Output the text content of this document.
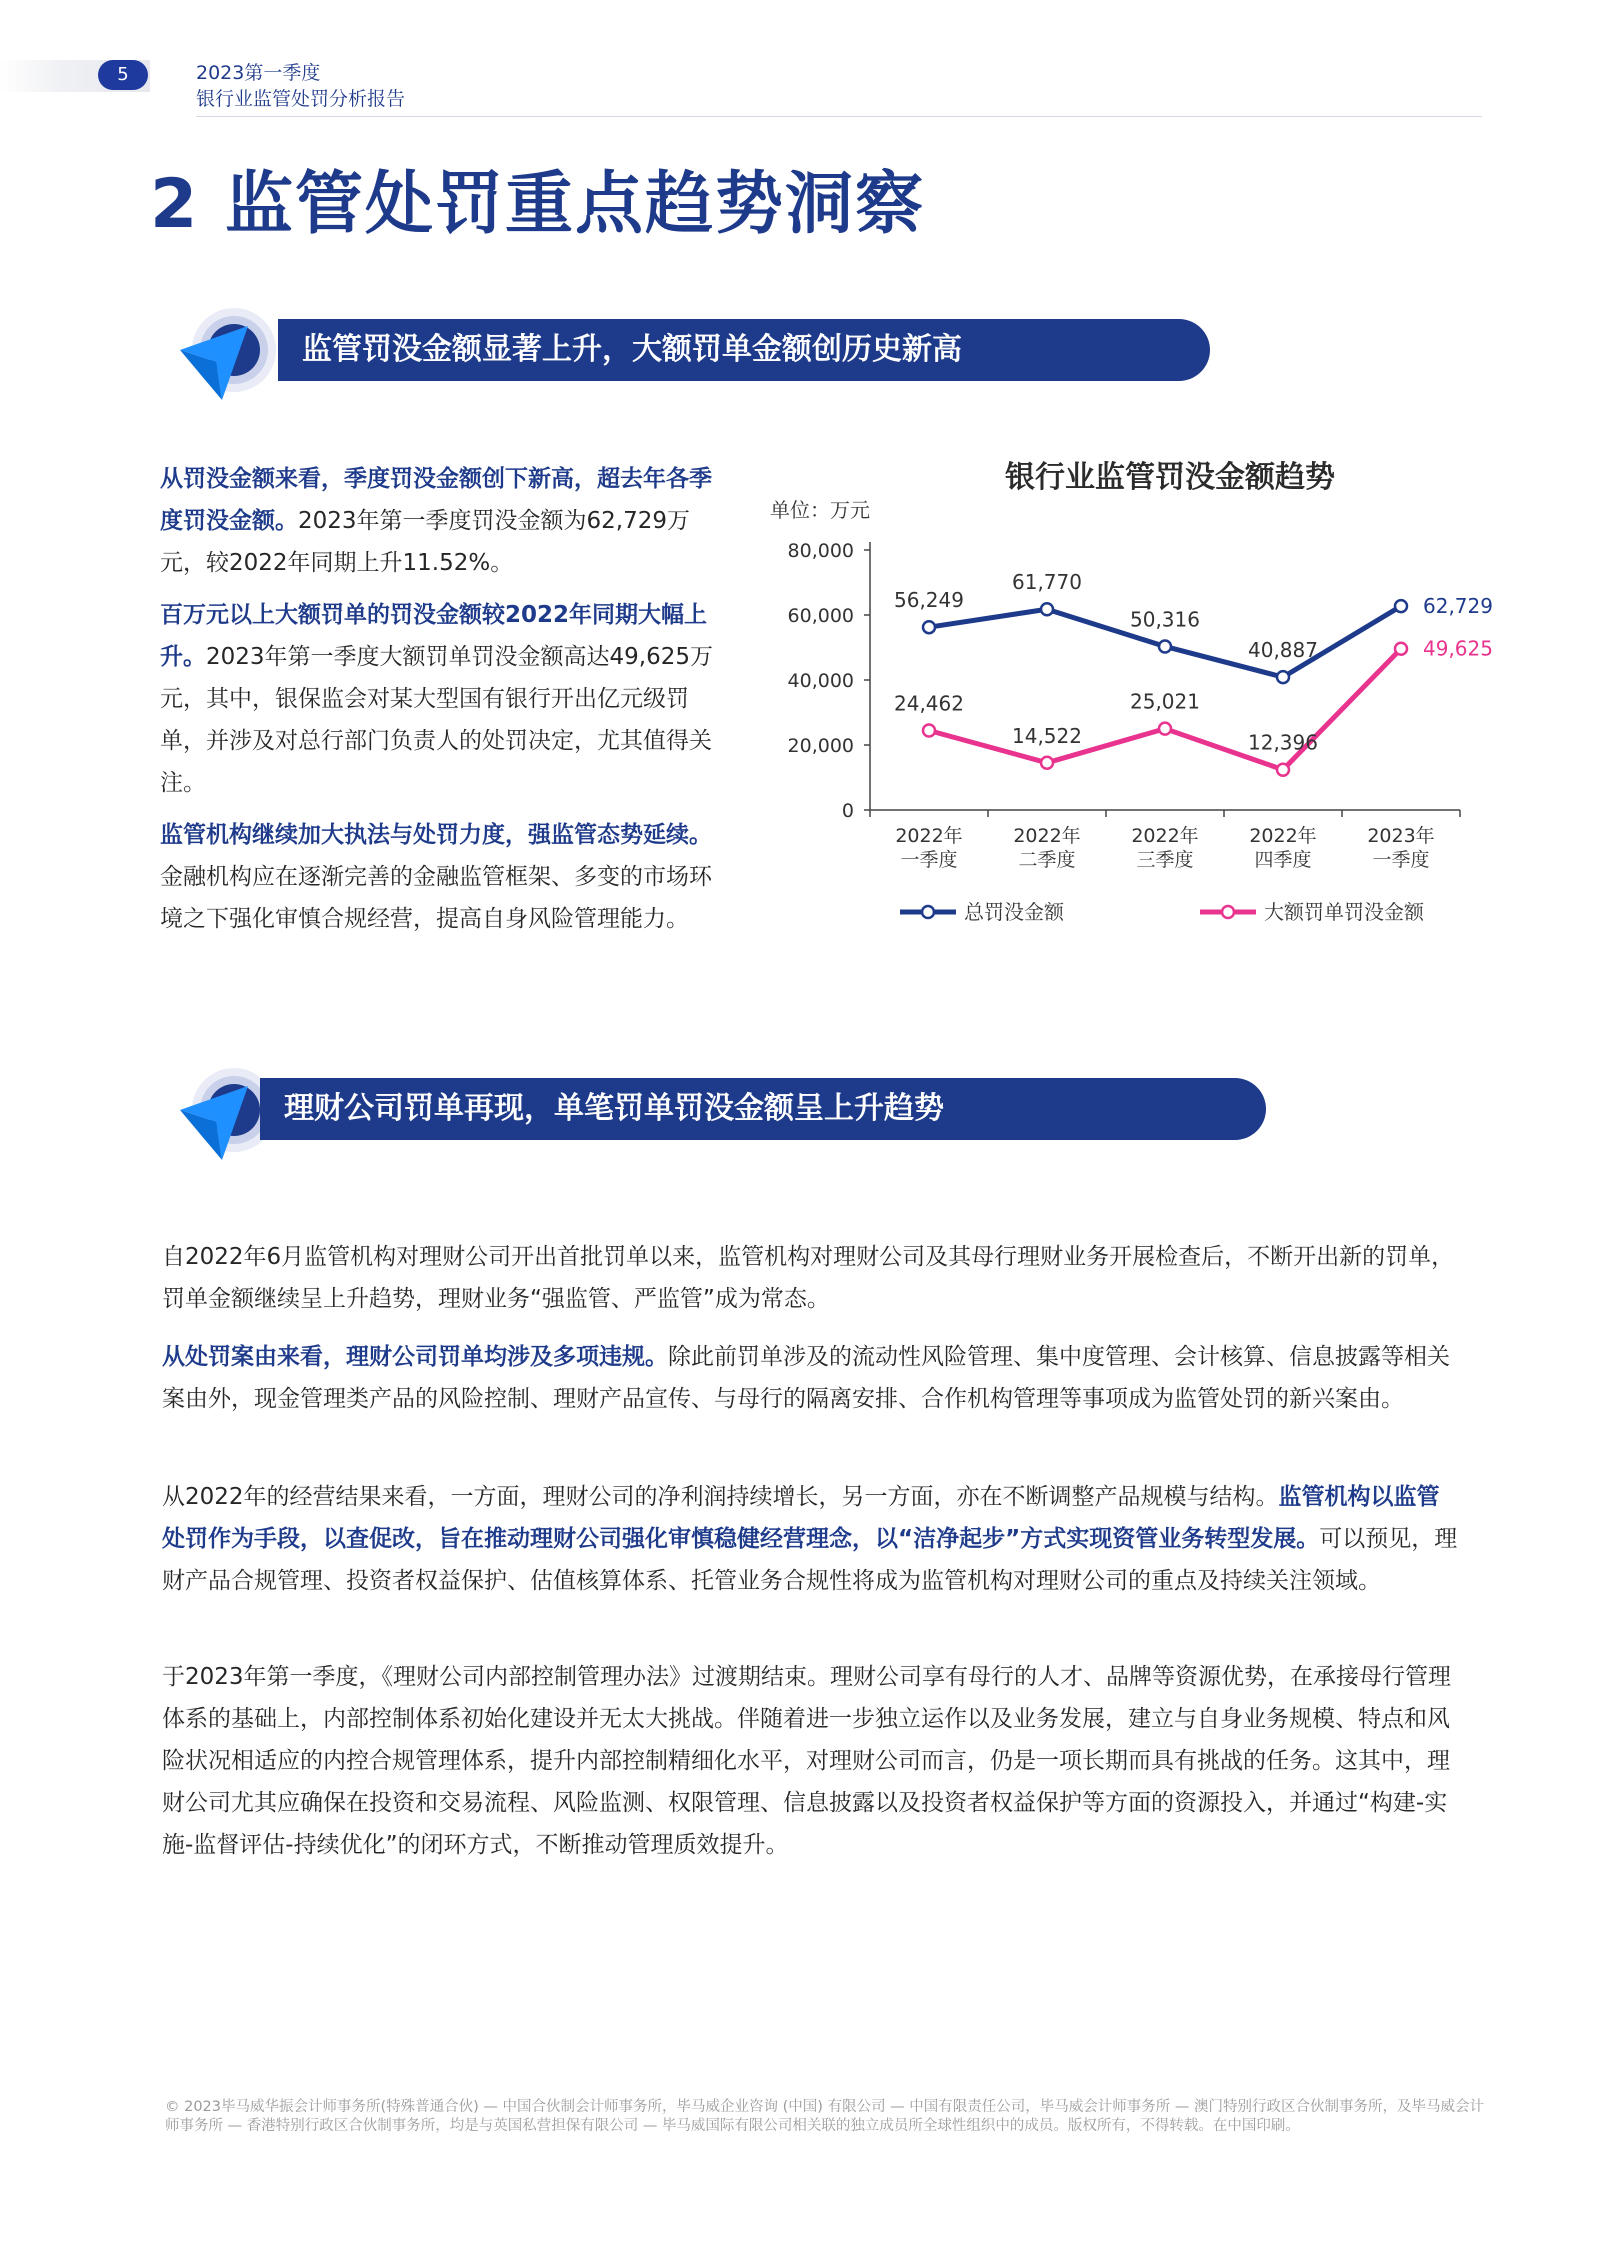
5	2023第一季度
银行业监管处罚分析报告
2 监管处罚重点趋势洞察
监管罚没金额显著上升，大额罚单金额创历史新高
从罚没金额来看，季度罚没金额创下新高，超去年各季度罚没金额。2023年第一季度罚没金额为62,729万元，较2022年同期上升11.52%。
百万元以上大额罚单的罚没金额较2022年同期大幅上升。2023年第一季度大额罚单罚没金额高达49,625万元，其中，银保监会对某大型国有银行开出亿元级罚单，并涉及对总行部门负责人的处罚决定，尤其值得关注。
监管机构继续加大执法与处罚力度，强监管态势延续。金融机构应在逐渐完善的金融监管框架、多变的市场环境之下强化审慎合规经营，提高自身风险管理能力。
银行业监管罚没金额趋势
单位：万元
0
20,000
40,000
60,000
80,000
2022年
一季度
2022年
二季度
2022年
三季度
2022年
四季度
2023年
一季度
56,249
61,770
50,316
40,887
62,729
24,462
14,522
25,021
12,396
49,625
总罚没金额	大额罚单罚没金额
理财公司罚单再现，单笔罚单罚没金额呈上升趋势
自2022年6月监管机构对理财公司开出首批罚单以来，监管机构对理财公司及其母行理财业务开展检查后，不断开出新的罚单，罚单金额继续呈上升趋势，理财业务“强监管、严监管”成为常态。
从处罚案由来看，理财公司罚单均涉及多项违规。除此前罚单涉及的流动性风险管理、集中度管理、会计核算、信息披露等相关案由外，现金管理类产品的风险控制、理财产品宣传、与母行的隔离安排、合作机构管理等事项成为监管处罚的新兴案由。
从2022年的经营结果来看，一方面，理财公司的净利润持续增长，另一方面，亦在不断调整产品规模与结构。监管机构以监管处罚作为手段，以查促改，旨在推动理财公司强化审慎稳健经营理念，以“洁净起步”方式实现资管业务转型发展。可以预见，理财产品合规管理、投资者权益保护、估值核算体系、托管业务合规性将成为监管机构对理财公司的重点及持续关注领域。
于2023年第一季度，《理财公司内部控制管理办法》过渡期结束。理财公司享有母行的人才、品牌等资源优势，在承接母行管理体系的基础上，内部控制体系初始化建设并无太大挑战。伴随着进一步独立运作以及业务发展，建立与自身业务规模、特点和风险状况相适应的内控合规管理体系，提升内部控制精细化水平，对理财公司而言，仍是一项长期而具有挑战的任务。这其中，理财公司尤其应确保在投资和交易流程、风险监测、权限管理、信息披露以及投资者权益保护等方面的资源投入，并通过“构建-实施-监督评估-持续优化”的闭环方式，不断推动管理质效提升。
© 2023毕马威华振会计师事务所(特殊普通合伙) — 中国合伙制会计师事务所，毕马威企业咨询 (中国) 有限公司 — 中国有限责任公司，毕马威会计师事务所 — 澳门特别行政区合伙制事务所，及毕马威会计师事务所 — 香港特别行政区合伙制事务所，均是与英国私营担保有限公司 — 毕马威国际有限公司相关联的独立成员所全球性组织中的成员。版权所有，不得转载。在中国印刷。
